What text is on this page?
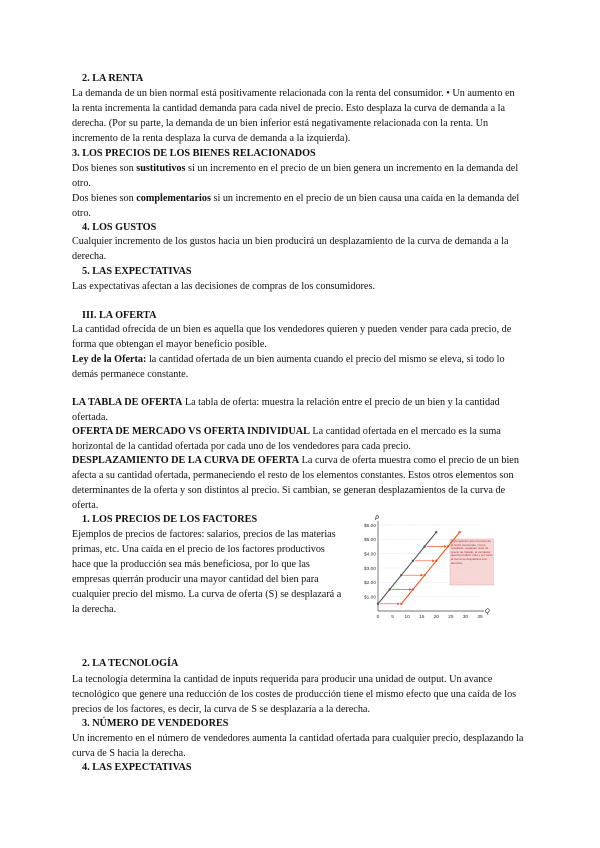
2. LA RENTA

La demanda de un bien normal está positivamente relacionada con la renta del consumidor. • Un aumento en la renta incrementa la cantidad demanda para cada nivel de precio. Esto desplaza la curva de demanda a la derecha. (Por su parte, la demanda de un bien inferior está negativamente relacionada con la renta. Un incremento de la renta desplaza la curva de demanda a la izquierda).

3. LOS PRECIOS DE LOS BIENES RELACIONADOS

Dos bienes son sustitutivos si un incremento en el precio de un bien genera un incremento en la demanda del otro.

Dos bienes son complementarios si un incremento en el precio de un bien causa una caída en la demanda del otro.

4. LOS GUSTOS

Cualquier incremento de los gustos hacia un bien producirá un desplazamiento de la curva de demanda a la derecha.

5. LAS EXPECTATIVAS

Las expectativas afectan a las decisiones de compras de los consumidores.

III. LA OFERTA

La cantidad ofrecida de un bien es aquella que los vendedores quieren y pueden vender para cada precio, de forma que obtengan el mayor beneficio posible.

Ley de la Oferta: la cantidad ofertada de un bien aumenta cuando el precio del mismo se eleva, si todo lo demás permanece constante.

LA TABLA DE OFERTA La tabla de oferta: muestra la relación entre el precio de un bien y la cantidad ofertada.

OFERTA DE MERCADO VS OFERTA INDIVIDUAL La cantidad ofertada en el mercado es la suma horizontal de la cantidad ofertada por cada uno de los vendedores para cada precio.

DESPLAZAMIENTO DE LA CURVA DE OFERTA La curva de oferta muestra como el precio de un bien afecta a su cantidad ofertada, permaneciendo el resto de los elementos constantes. Estos otros elementos son determinantes de la oferta y son distintos al precio. Si cambian, se generan desplazamientos de la curva de oferta.

1. LOS PRECIOS DE LOS FACTORES

Ejemplos de precios de factores: salarios, precios de las materias primas, etc. Una caída en el precio de los factores productivos hace que la producción sea más beneficiosa, por lo que las empresas querrán producir una mayor cantidad del bien para cualquier precio del mismo. La curva de oferta (S) se desplazará a la derecha.

Supongamos que el precio de la leche desciende. Como resultado, cualquier nivel de precio de helado, el vendedor querrá producir más y por tanto la curva se desplazará a la derecha.
Q
P
$1.00
$2.00
$3.00
$4.00
$5.00
$6.00
0 5 10 15 20 25 30 35

2. LA TECNOLOGÍA

La tecnología determina la cantidad de inputs requerida para producir una unidad de output. Un avance tecnológico que genere una reducción de los costes de producción tiene el mismo efecto que una caída de los precios de los factores, es decir, la curva de S se desplazaría a la derecha.

3. NÚMERO DE VENDEDORES

Un incremento en el número de vendedores aumenta la cantidad ofertada para cualquier precio, desplazando la curva de S hacia la derecha.

4. LAS EXPECTATIVAS
